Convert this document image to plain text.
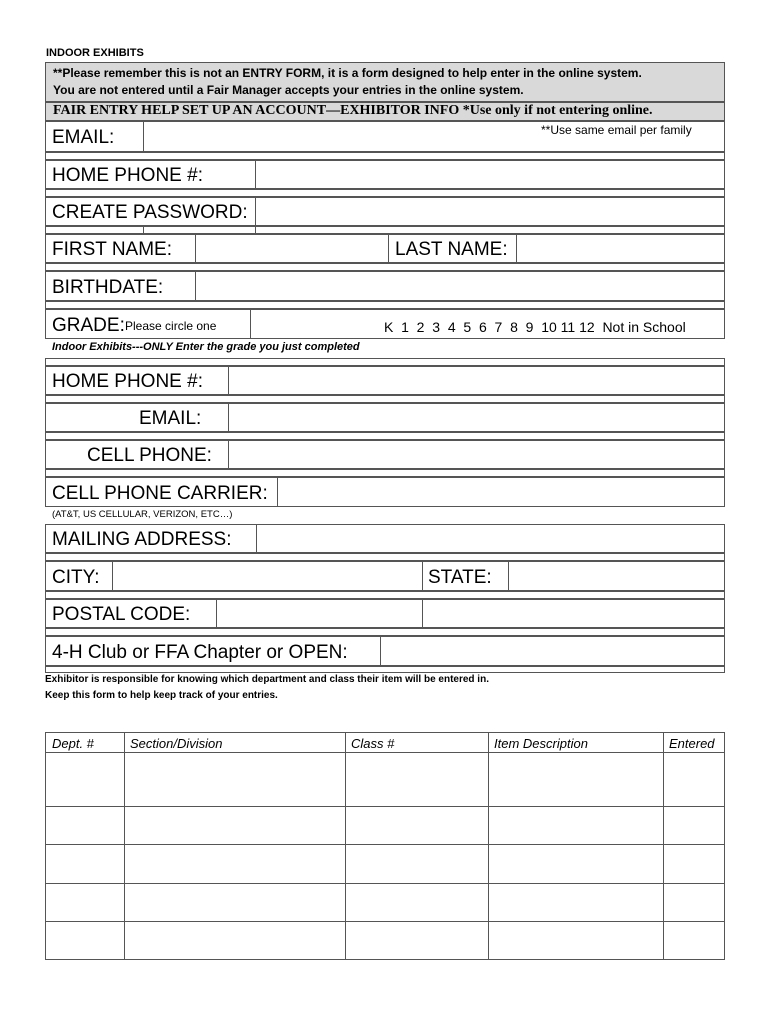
INDOOR EXHIBITS
**Please remember this is not an ENTRY FORM, it is a form designed to help enter in the online system.
You are not entered until a Fair Manager accepts your entries in the online system.
FAIR ENTRY HELP SET UP AN ACCOUNT—EXHIBITOR INFO *Use only if not entering online.
EMAIL:	**Use same email per family
HOME PHONE #:
CREATE PASSWORD:
FIRST NAME:	LAST NAME:
BIRTHDATE:
GRADE: Please circle one	K  1  2  3  4  5  6  7  8  9  10 11 12  Not in School
Indoor Exhibits---ONLY Enter the grade you just completed
HOME PHONE #:
EMAIL:
CELL PHONE:
CELL PHONE CARRIER:
(AT&T, US CELLULAR, VERIZON, ETC…)
MAILING ADDRESS:
CITY:	STATE:
POSTAL CODE:
4-H Club or FFA Chapter or OPEN:
Exhibitor is responsible for knowing which department and class their item will be entered in.
Keep this form to help keep track of your entries.
Dept. #	Section/Division	Class #	Item Description	Entered
